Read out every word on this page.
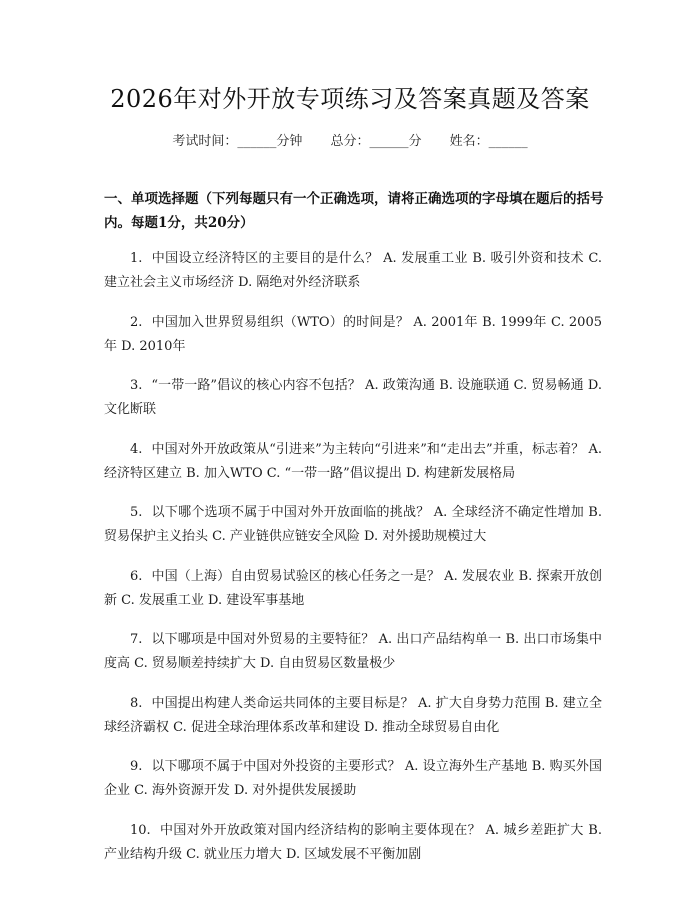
2026年对外开放专项练习及答案真题及答案
考试时间：______分钟 总分：______分 姓名：______
一、单项选择题（下列每题只有一个正确选项，请将正确选项的字母填在题后的括号内。每题1分，共20分）
1. 中国设立经济特区的主要目的是什么？ A. 发展重工业 B. 吸引外资和技术 C. 建立社会主义市场经济 D. 隔绝对外经济联系
2. 中国加入世界贸易组织（WTO）的时间是？ A. 2001年 B. 1999年 C. 2005年 D. 2010年
3. “一带一路”倡议的核心内容不包括？ A. 政策沟通 B. 设施联通 C. 贸易畅通 D. 文化断联
4. 中国对外开放政策从“引进来”为主转向“引进来”和“走出去”并重，标志着？ A. 经济特区建立 B. 加入WTO C. “一带一路”倡议提出 D. 构建新发展格局
5. 以下哪个选项不属于中国对外开放面临的挑战？ A. 全球经济不确定性增加 B. 贸易保护主义抬头 C. 产业链供应链安全风险 D. 对外援助规模过大
6. 中国（上海）自由贸易试验区的核心任务之一是？ A. 发展农业 B. 探索开放创新 C. 发展重工业 D. 建设军事基地
7. 以下哪项是中国对外贸易的主要特征？ A. 出口产品结构单一 B. 出口市场集中度高 C. 贸易顺差持续扩大 D. 自由贸易区数量极少
8. 中国提出构建人类命运共同体的主要目标是？ A. 扩大自身势力范围 B. 建立全球经济霸权 C. 促进全球治理体系改革和建设 D. 推动全球贸易自由化
9. 以下哪项不属于中国对外投资的主要形式？ A. 设立海外生产基地 B. 购买外国企业 C. 海外资源开发 D. 对外提供发展援助
10. 中国对外开放政策对国内经济结构的影响主要体现在？ A. 城乡差距扩大 B. 产业结构升级 C. 就业压力增大 D. 区域发展不平衡加剧
